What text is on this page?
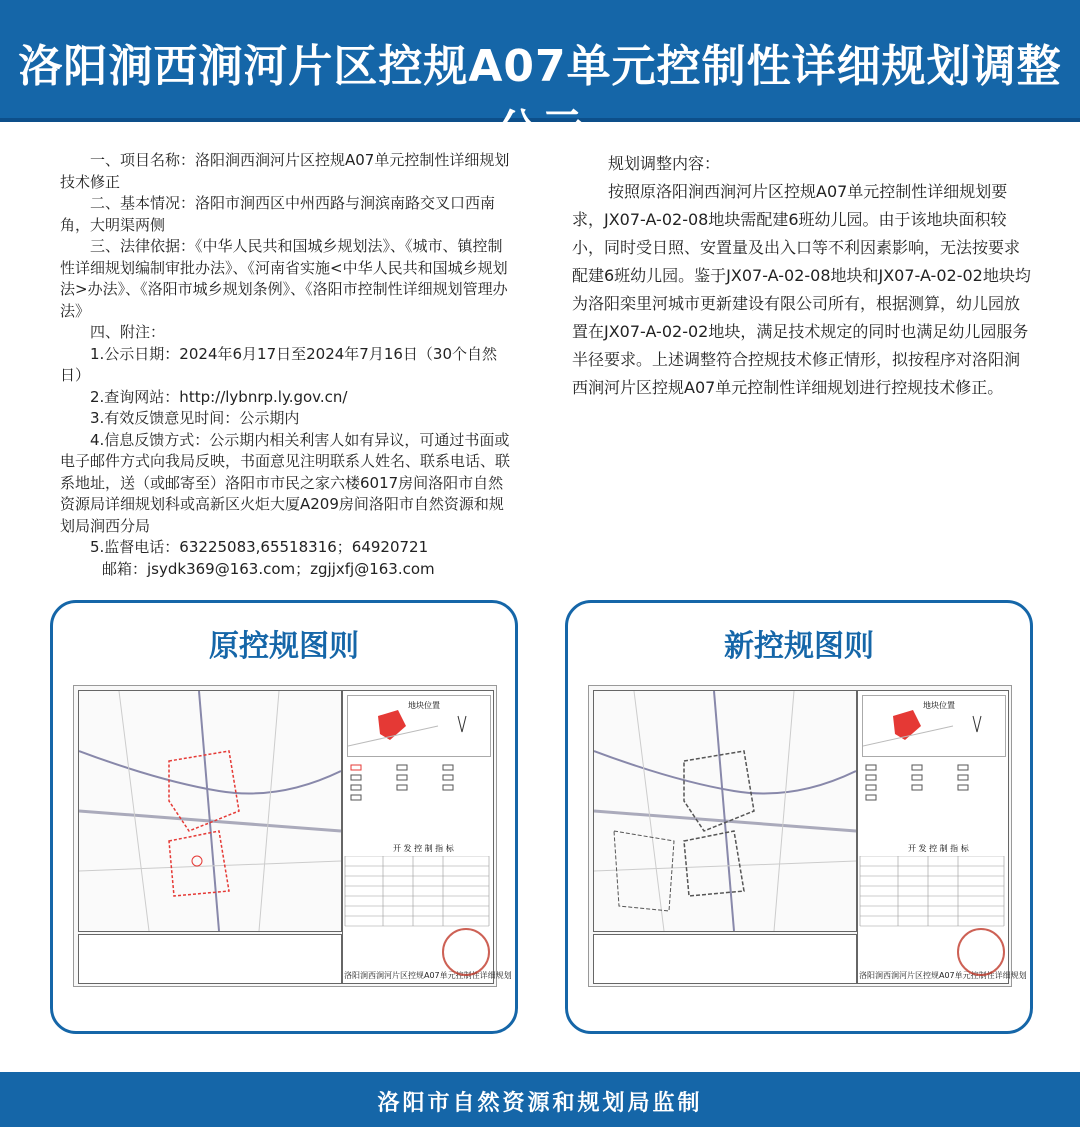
洛阳涧西涧河片区控规A07单元控制性详细规划调整公示

一、项目名称：洛阳涧西涧河片区控规A07单元控制性详细规划技术修正

二、基本情况：洛阳市涧西区中州西路与涧滨南路交叉口西南角，大明渠两侧

三、法律依据：《中华人民共和国城乡规划法》、《城市、镇控制性详细规划编制审批办法》、《河南省实施<中华人民共和国城乡规划法>办法》、《洛阳市城乡规划条例》、《洛阳市控制性详细规划管理办法》

四、附注：

1.公示日期：2024年6月17日至2024年7月16日（30个自然日）

2.查询网站：http://lybnrp.ly.gov.cn/

3.有效反馈意见时间：公示期内

4.信息反馈方式：公示期内相关利害人如有异议，可通过书面或电子邮件方式向我局反映，书面意见注明联系人姓名、联系电话、联系地址，送（或邮寄至）洛阳市市民之家六楼6017房间洛阳市自然资源局详细规划科或高新区火炬大厦A209房间洛阳市自然资源和规划局涧西分局

5.监督电话：63225083,65518316；64920721

邮箱：jsydk369@163.com；zgjjxfj@163.com

规划调整内容：

按照原洛阳涧西涧河片区控规A07单元控制性详细规划要求，JX07-A-02-08地块需配建6班幼儿园。由于该地块面积较小，同时受日照、安置量及出入口等不利因素影响，无法按要求配建6班幼儿园。鉴于JX07-A-02-08地块和JX07-A-02-02地块均为洛阳栾里河城市更新建设有限公司所有，根据测算，幼儿园放置在JX07-A-02-02地块，满足技术规定的同时也满足幼儿园服务半径要求。上述调整符合控规技术修正情形，拟按程序对洛阳涧西涧河片区控规A07单元控制性详细规划进行控规技术修正。

原控规图则
地块位置
开 发 控 制 指 标
洛阳涧西涧河片区控规A07单元控制性详细规划
新控规图则
地块位置
开 发 控 制 指 标
洛阳涧西涧河片区控规A07单元控制性详细规划
洛阳市自然资源和规划局监制
